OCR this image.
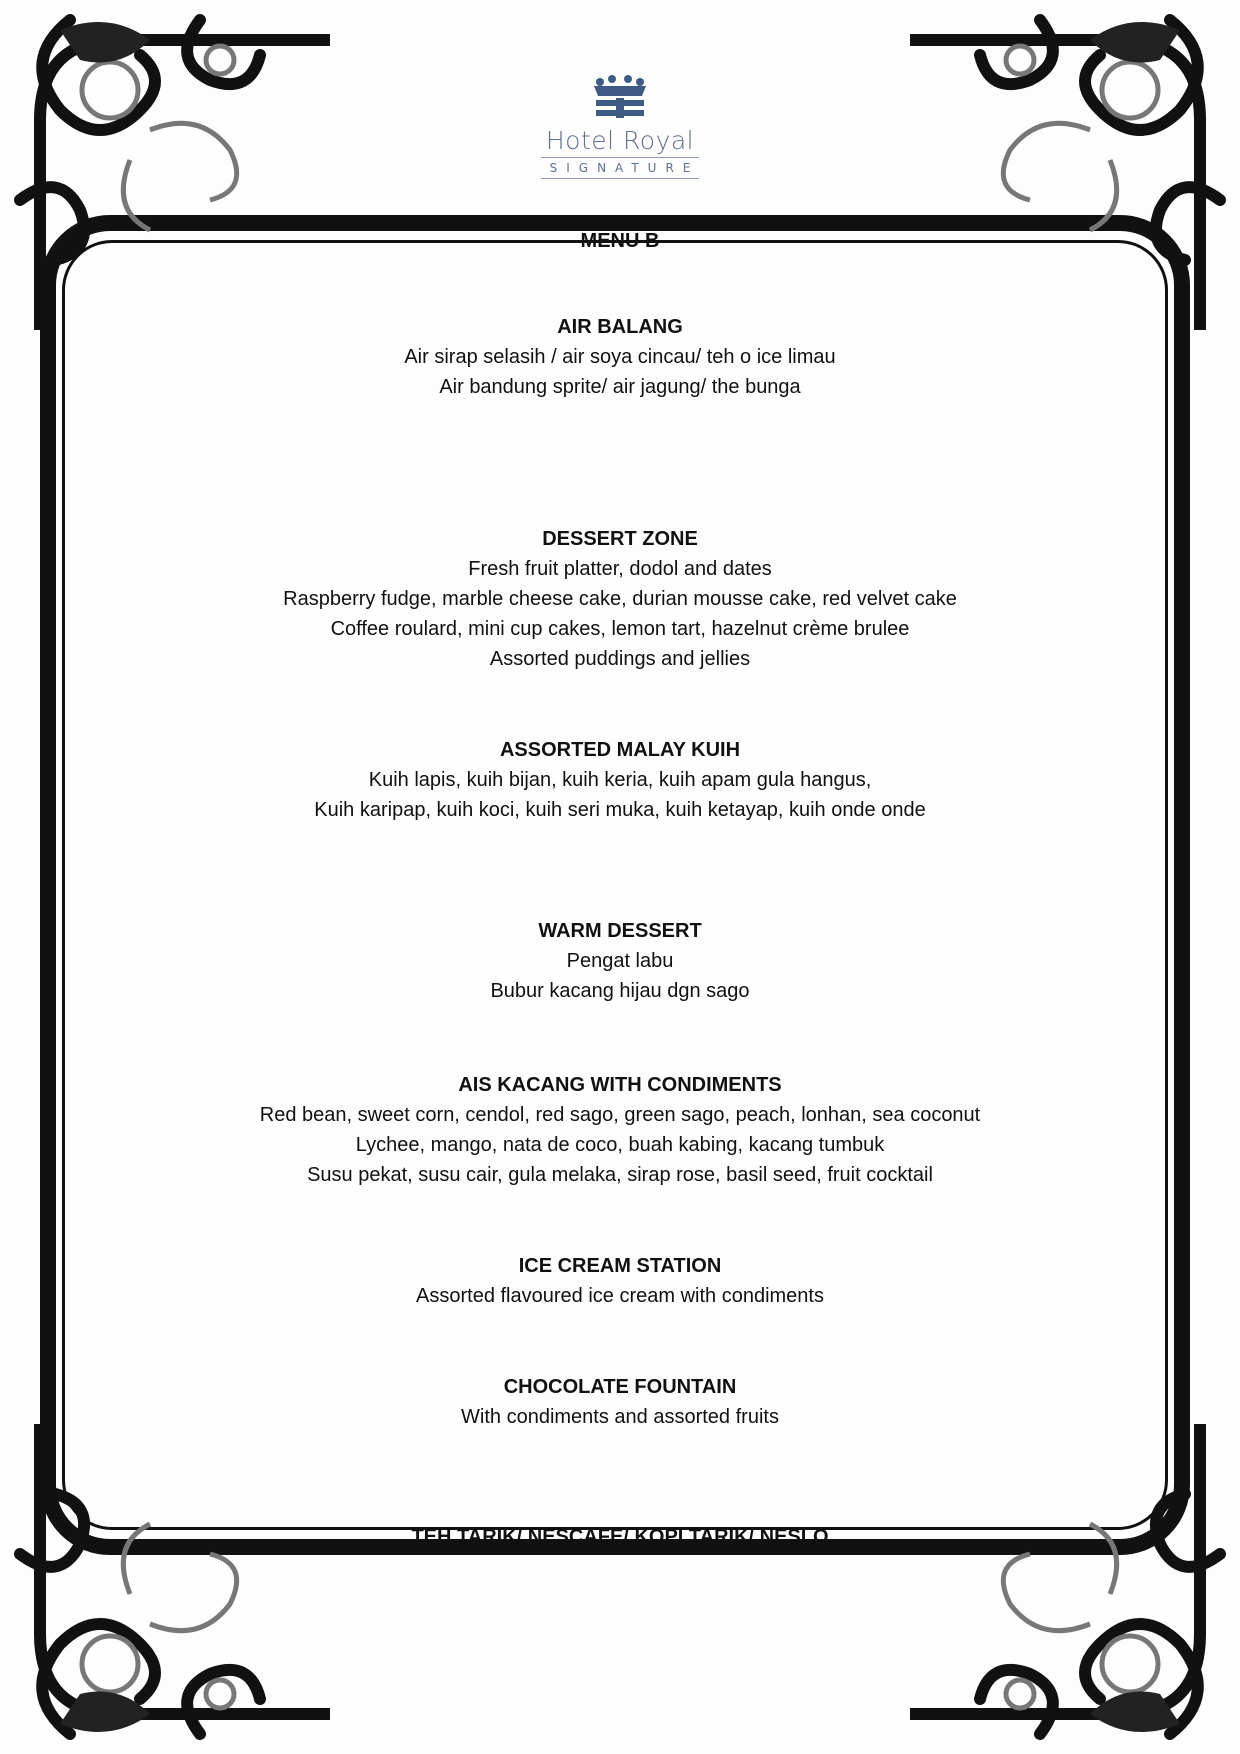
Hotel Royal
SIGNATURE
MENU B
AIR BALANG

Air sirap selasih / air soya cincau/ teh o ice limau

Air bandung sprite/ air jagung/ the bunga

DESSERT ZONE

Fresh fruit platter, dodol and dates

Raspberry fudge, marble cheese cake, durian mousse cake, red velvet cake

Coffee roulard, mini cup cakes, lemon tart, hazelnut crème brulee

Assorted puddings and jellies

ASSORTED MALAY KUIH

Kuih lapis, kuih bijan, kuih keria, kuih apam gula hangus,

Kuih karipap, kuih koci, kuih seri muka, kuih ketayap, kuih onde onde

WARM DESSERT

Pengat labu

Bubur kacang hijau dgn sago

AIS KACANG WITH CONDIMENTS

Red bean, sweet corn, cendol, red sago, green sago, peach, lonhan, sea coconut

Lychee, mango, nata de coco, buah kabing, kacang tumbuk

Susu pekat, susu cair, gula melaka, sirap rose, basil seed, fruit cocktail

ICE CREAM STATION

Assorted flavoured ice cream with condiments

CHOCOLATE FOUNTAIN

With condiments and assorted fruits

TEH TARIK/ NESCAFE/ KOPI TARIK/ NESLO
